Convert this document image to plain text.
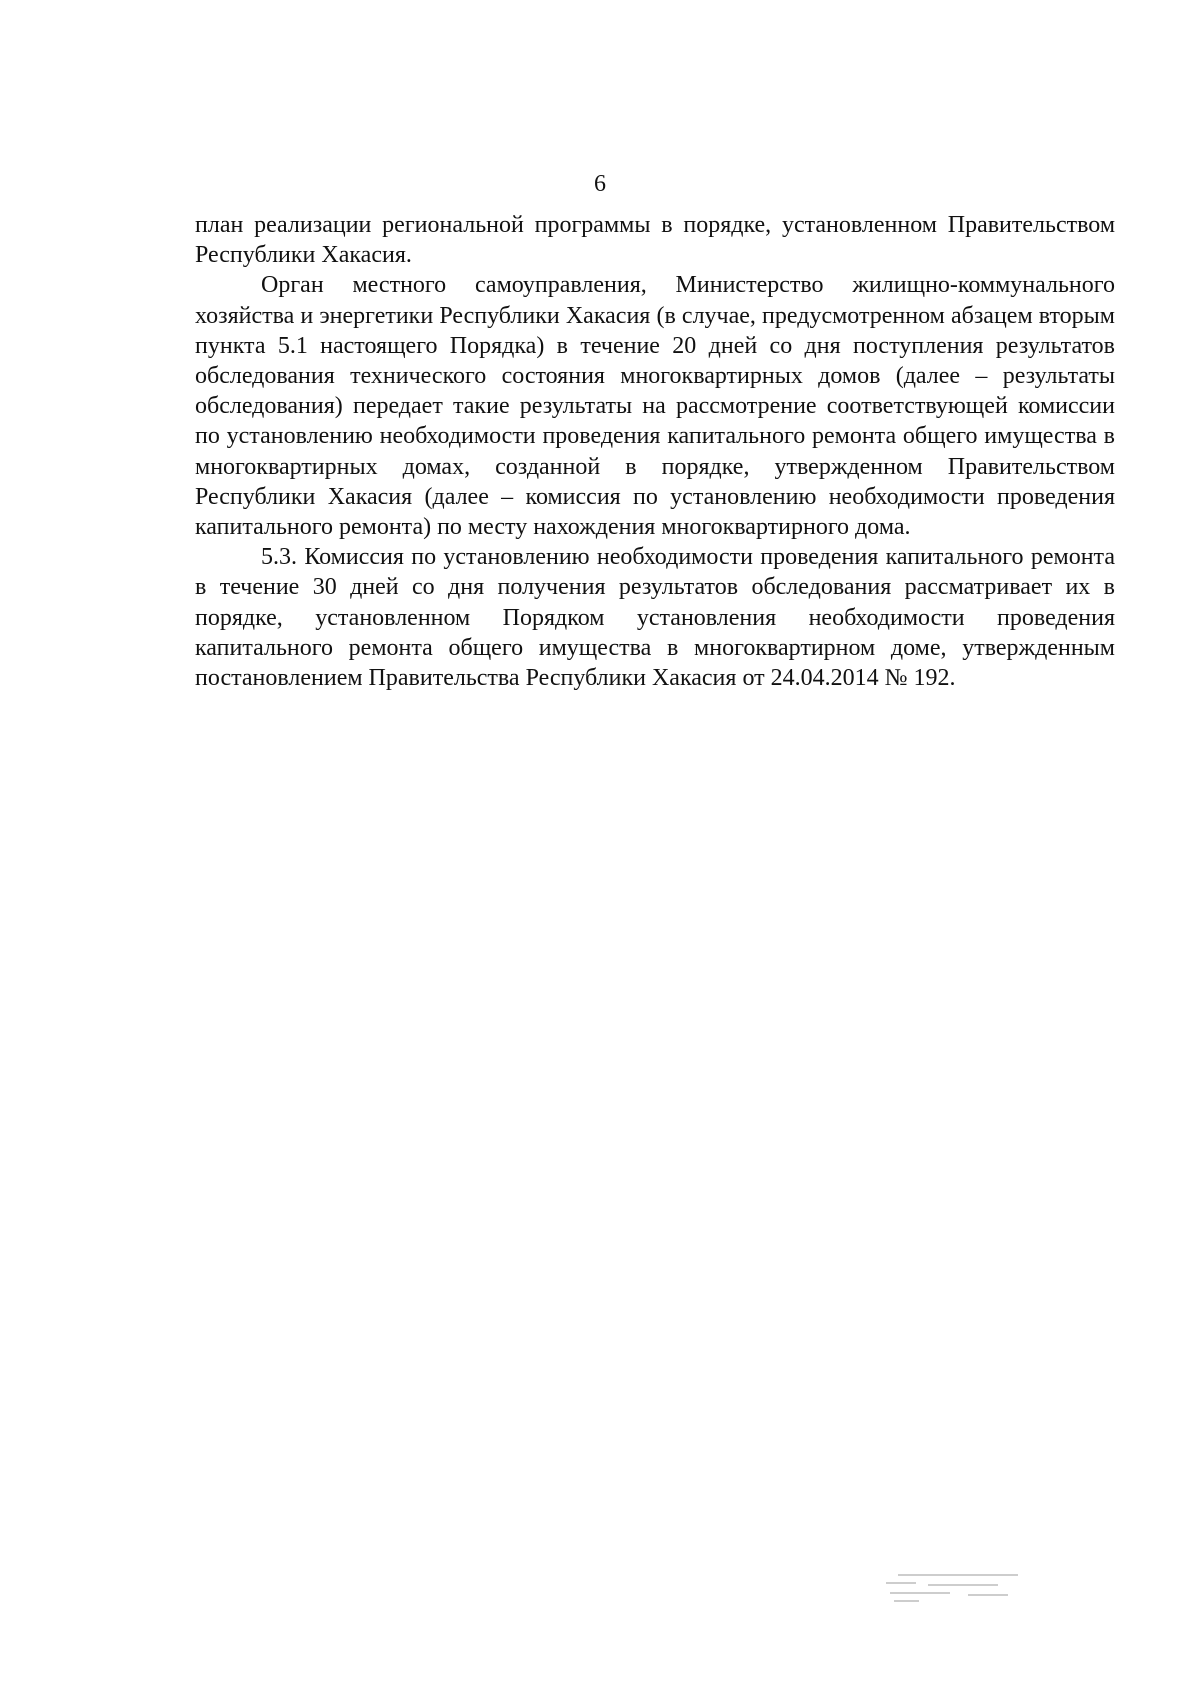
6

план реализации региональной программы в порядке, установленном Правительством Республики Хакасия.

Орган местного самоуправления, Министерство жилищно-коммунального хозяйства и энергетики Республики Хакасия (в случае, предусмотренном абзацем вторым пункта 5.1 настоящего Порядка) в течение 20 дней со дня поступления результатов обследования технического состояния многоквартирных домов (далее – результаты обследования) передает такие результаты на рассмотрение соответствующей комиссии по установлению необходимости проведения капитального ремонта общего имущества в многоквартирных домах, созданной в порядке, утвержденном Правительством Республики Хакасия (далее – комиссия по установлению необходимости проведения капитального ремонта) по месту нахождения многоквартирного дома.

5.3. Комиссия по установлению необходимости проведения капитального ремонта в течение 30 дней со дня получения результатов обследования рассматривает их в порядке, установленном Порядком установления необходимости проведения капитального ремонта общего имущества в многоквартирном доме, утвержденным постановлением Правительства Республики Хакасия от 24.04.2014 № 192.
